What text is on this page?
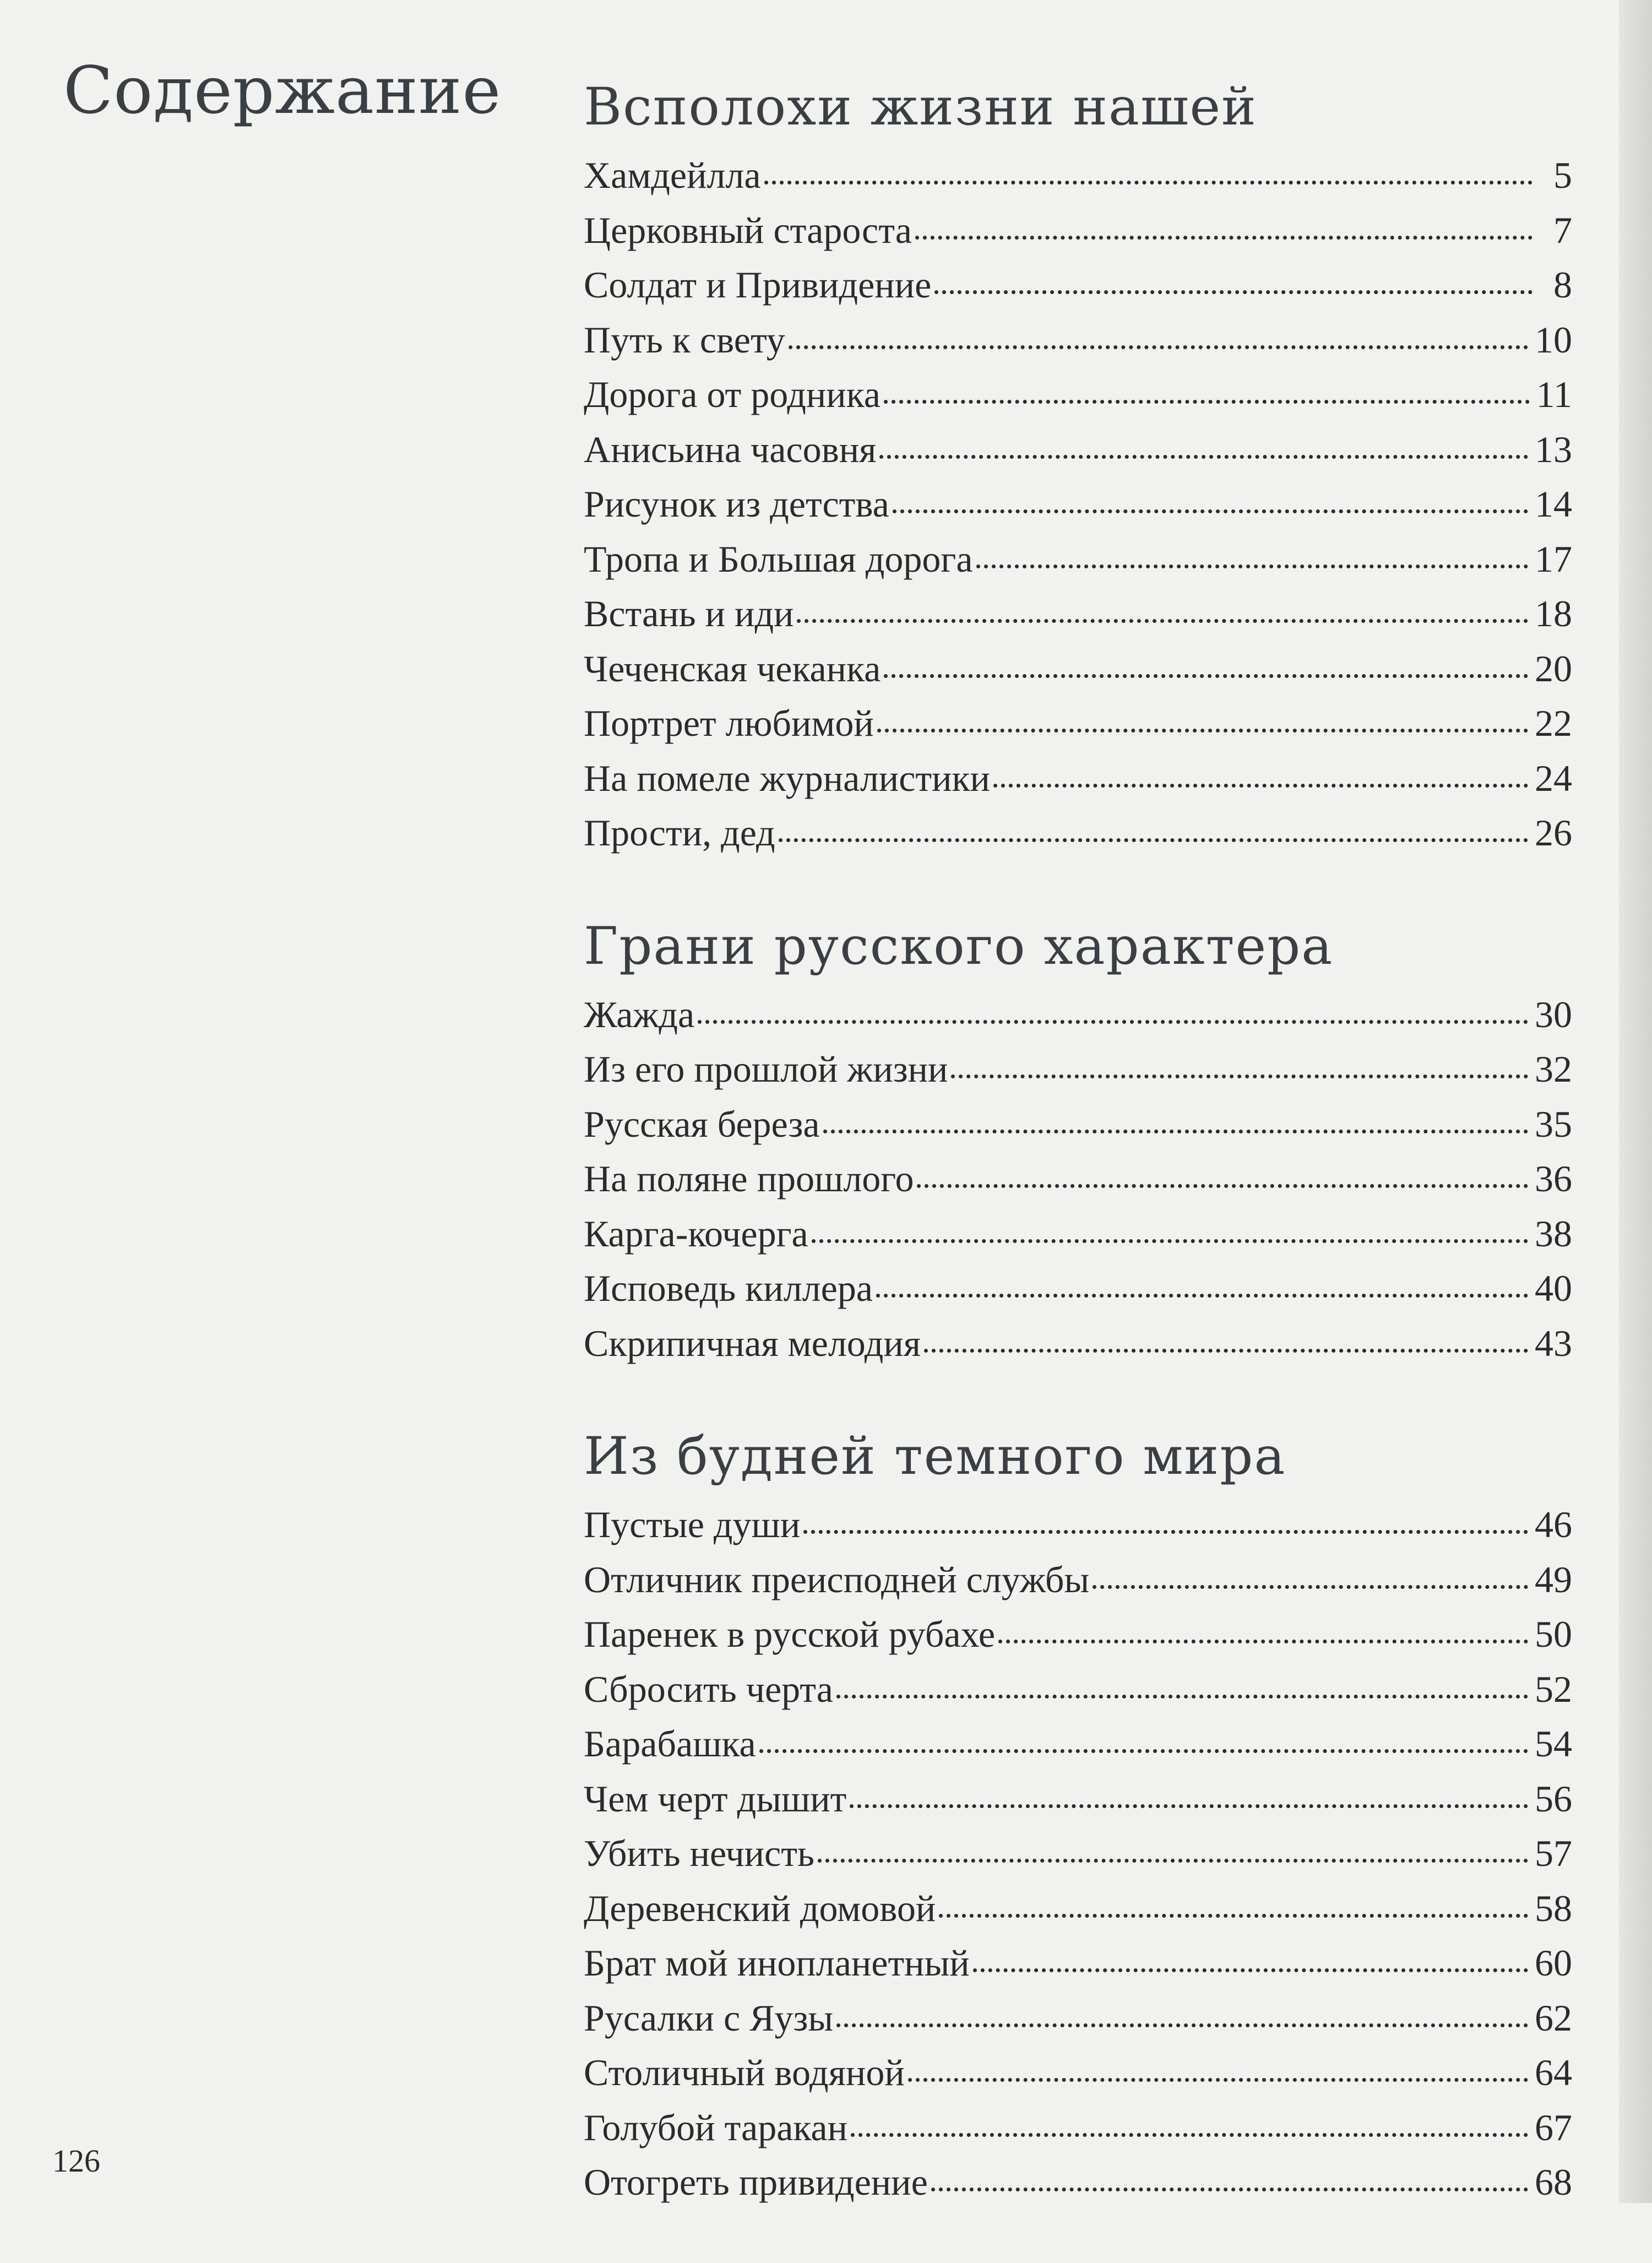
Содержание Всполохи жизни нашей
Хамдейлла	5
Церковный староста	7
Солдат и Привидение	8
Путь к свету	10
Дорога от родника	11
Анисьина часовня	13
Рисунок из детства	14
Тропа и Большая дорога	17
Встань и иди	18
Чеченская чеканка	20
Портрет любимой	22
На помеле журналистики	24
Прости, дед	26
Грани русского характера
Жажда	30
Из его прошлой жизни	32
Русская береза	35
На поляне прошлого	36
Карга-кочерга	38
Исповедь киллера	40
Скрипичная мелодия	43
Из будней темного мира
Пустые души	46
Отличник преисподней службы	49
Паренек в русской рубахе	50
Сбросить черта	52
Барабашка	54
Чем черт дышит	56
Убить нечисть	57
Деревенский домовой	58
Брат мой инопланетный	60
Русалки с Яузы	62
Столичный водяной	64
Голубой таракан	67
Отогреть привидение	68
126
